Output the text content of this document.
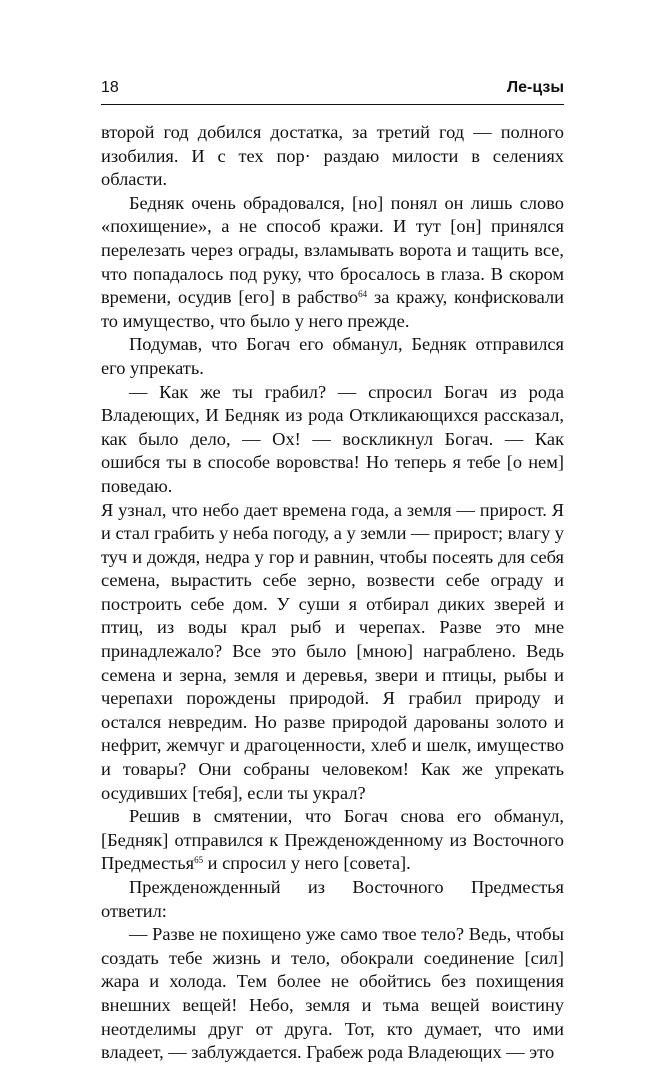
18	Ле-цзы

второй год добился достатка, за третий год — полного изобилия. И с тех пор· раздаю милости в селениях области.

Бедняк очень обрадовался, [но] понял он лишь слово «похищение», а не способ кражи. И тут [он] принялся перелезать через ограды, взламывать ворота и тащить все, что попадалось под руку, что бросалось в глаза. В скором времени, осудив [его] в рабство$^{64}$ за кражу, конфисковали то имущество, что было у него прежде.

Подумав, что Богач его обманул, Бедняк отправился его упрекать.

— Как же ты грабил? — спросил Богач из рода Владеющих, И Бедняк из рода Откликающихся рассказал, как было дело, — Ох! — воскликнул Богач. — Как ошибся ты в способе воровства! Но теперь я тебе [о нем] поведаю.

Я узнал, что небо дает времена года, а земля — прирост. Я и стал грабить у неба погоду, а у земли — прирост; влагу у туч и дождя, недра у гор и равнин, чтобы посеять для себя семена, вырастить себе зерно, возвести себе ограду и построить себе дом. У суши я отбирал диких зверей и птиц, из воды крал рыб и черепах. Разве это мне принадлежало? Все это было [мною] награблено. Ведь семена и зерна, земля и деревья, звери и птицы, рыбы и черепахи порождены природой. Я грабил природу и остался невредим. Но разве природой дарованы золото и нефрит, жемчуг и драгоценности, хлеб и шелк, имущество и товары? Они собраны человеком! Как же упрекать осудивших [тебя], если ты украл?

Решив в смятении, что Богач снова его обманул, [Бедняк] отправился к Прежденожденному из Восточного Предместья$^{65}$ и спросил у него [совета].

Прежденожденный из Восточного Предместья ответил:

— Разве не похищено уже само твое тело? Ведь, чтобы создать тебе жизнь и тело, обокрали соединение [сил] жара и холода. Тем более не обойтись без похищения внешних вещей! Небо, земля и тьма вещей воистину неотделимы друг от друга. Тот, кто думает, что ими владеет, — заблуждается. Грабеж рода Владеющих — это
